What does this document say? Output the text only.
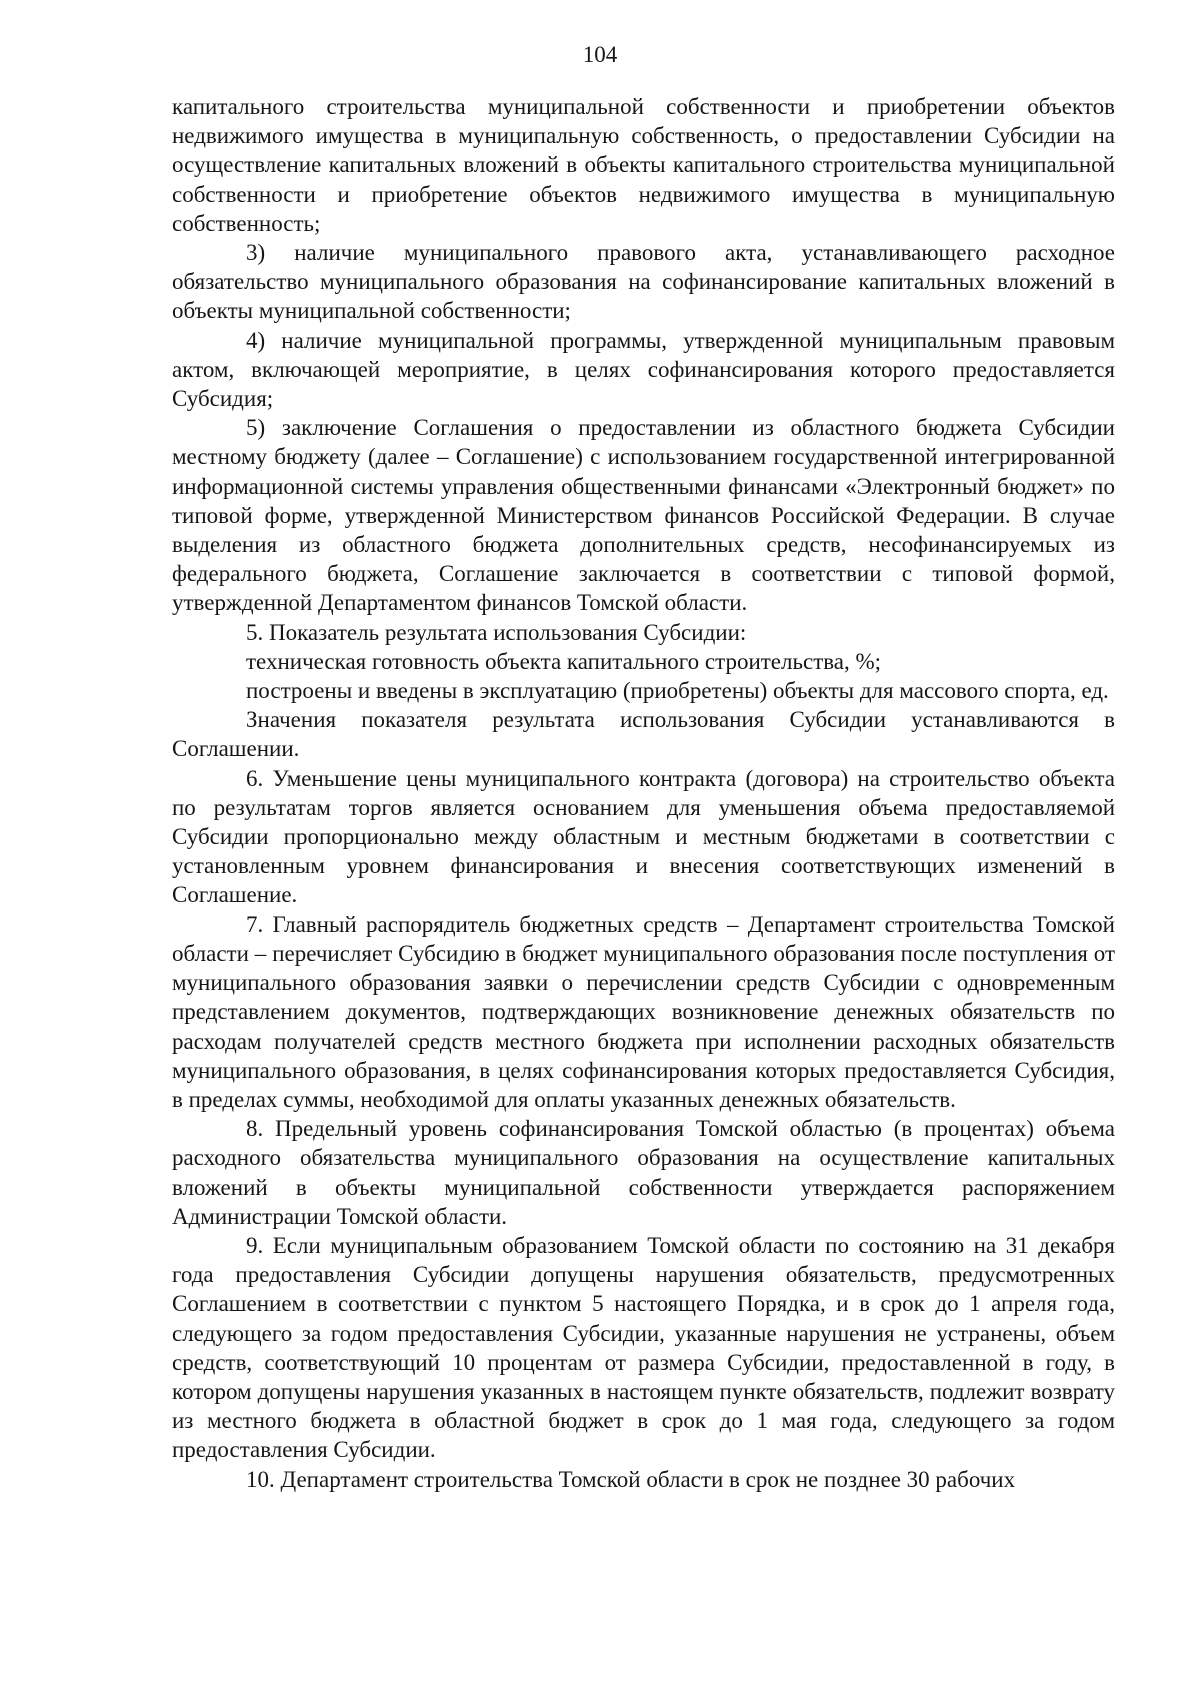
104

капитального строительства муниципальной собственности и приобретении объектов недвижимого имущества в муниципальную собственность, о предоставлении Субсидии на осуществление капитальных вложений в объекты капитального строительства муниципальной собственности и приобретение объектов недвижимого имущества в муниципальную собственность;

3) наличие муниципального правового акта, устанавливающего расходное обязательство муниципального образования на софинансирование капитальных вложений в объекты муниципальной собственности;

4) наличие муниципальной программы, утвержденной муниципальным правовым актом, включающей мероприятие, в целях софинансирования которого предоставляется Субсидия;

5) заключение Соглашения о предоставлении из областного бюджета Субсидии местному бюджету (далее – Соглашение) с использованием государственной интегрированной информационной системы управления общественными финансами «Электронный бюджет» по типовой форме, утвержденной Министерством финансов Российской Федерации. В случае выделения из областного бюджета дополнительных средств, несофинансируемых из федерального бюджета, Соглашение заключается в соответствии с типовой формой, утвержденной Департаментом финансов Томской области.

5. Показатель результата использования Субсидии:

техническая готовность объекта капитального строительства, %;

построены и введены в эксплуатацию (приобретены) объекты для массового спорта, ед.

Значения показателя результата использования Субсидии устанавливаются в Соглашении.

6. Уменьшение цены муниципального контракта (договора) на строительство объекта по результатам торгов является основанием для уменьшения объема предоставляемой Субсидии пропорционально между областным и местным бюджетами в соответствии с установленным уровнем финансирования и внесения соответствующих изменений в Соглашение.

7. Главный распорядитель бюджетных средств – Департамент строительства Томской области – перечисляет Субсидию в бюджет муниципального образования после поступления от муниципального образования заявки о перечислении средств Субсидии с одновременным представлением документов, подтверждающих возникновение денежных обязательств по расходам получателей средств местного бюджета при исполнении расходных обязательств муниципального образования, в целях софинансирования которых предоставляется Субсидия, в пределах суммы, необходимой для оплаты указанных денежных обязательств.

8. Предельный уровень софинансирования Томской областью (в процентах) объема расходного обязательства муниципального образования на осуществление капитальных вложений в объекты муниципальной собственности утверждается распоряжением Администрации Томской области.

9. Если муниципальным образованием Томской области по состоянию на 31 декабря года предоставления Субсидии допущены нарушения обязательств, предусмотренных Соглашением в соответствии с пунктом 5 настоящего Порядка, и в срок до 1 апреля года, следующего за годом предоставления Субсидии, указанные нарушения не устранены, объем средств, соответствующий 10 процентам от размера Субсидии, предоставленной в году, в котором допущены нарушения указанных в настоящем пункте обязательств, подлежит возврату из местного бюджета в областной бюджет в срок до 1 мая года, следующего за годом предоставления Субсидии.

10. Департамент строительства Томской области в срок не позднее 30 рабочих
